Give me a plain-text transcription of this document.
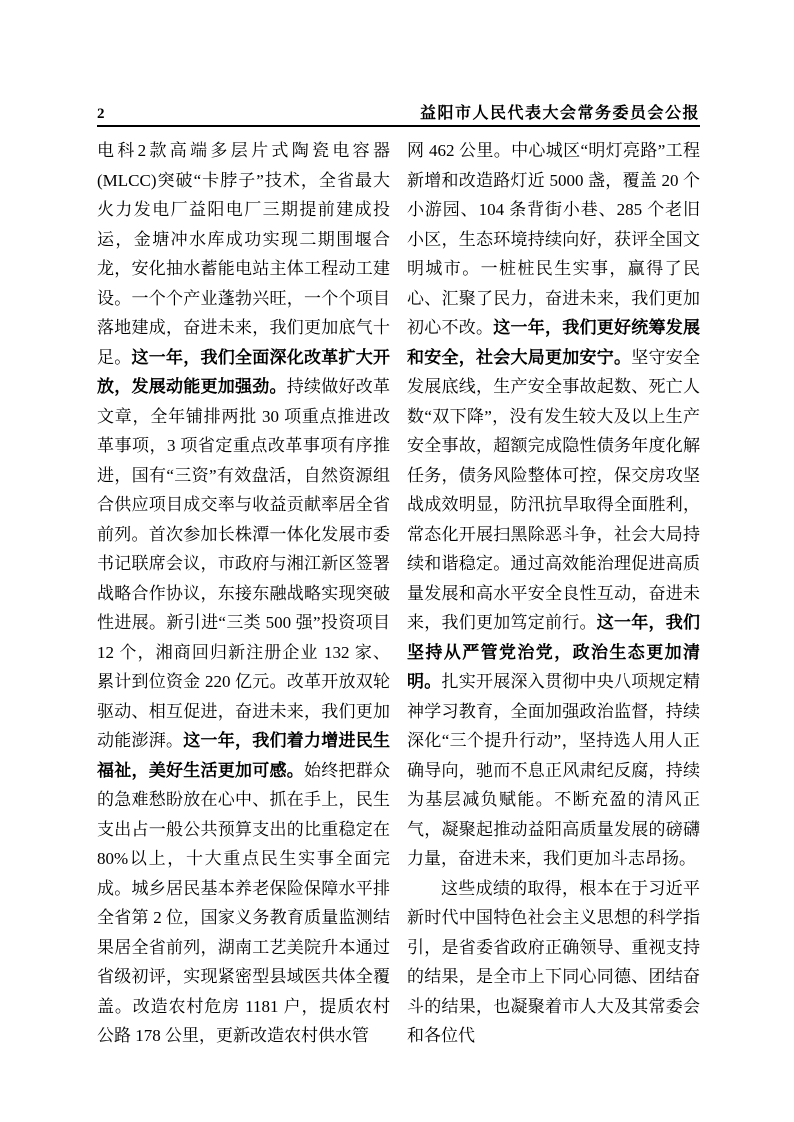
2	益阳市人民代表大会常务委员会公报

电科2款高端多层片式陶瓷电容器(MLCC)突破“卡脖子”技术，全省最大火力发电厂益阳电厂三期提前建成投运，金塘冲水库成功实现二期围堰合龙，安化抽水蓄能电站主体工程动工建设。一个个产业蓬勃兴旺，一个个项目落地建成，奋进未来，我们更加底气十足。这一年，我们全面深化改革扩大开放，发展动能更加强劲。持续做好改革文章，全年铺排两批 30 项重点推进改革事项，3 项省定重点改革事项有序推进，国有“三资”有效盘活，自然资源组合供应项目成交率与收益贡献率居全省前列。首次参加长株潭一体化发展市委书记联席会议，市政府与湘江新区签署战略合作协议，东接东融战略实现突破性进展。新引进“三类 500 强”投资项目 12 个，湘商回归新注册企业 132 家、累计到位资金 220 亿元。改革开放双轮驱动、相互促进，奋进未来，我们更加动能澎湃。这一年，我们着力增进民生福祉，美好生活更加可感。始终把群众的急难愁盼放在心中、抓在手上，民生支出占一般公共预算支出的比重稳定在 80%以上，十大重点民生实事全面完成。城乡居民基本养老保险保障水平排全省第 2 位，国家义务教育质量监测结果居全省前列，湖南工艺美院升本通过省级初评，实现紧密型县域医共体全覆盖。改造农村危房 1181 户，提质农村公路 178 公里，更新改造农村供水管

网 462 公里。中心城区“明灯亮路”工程新增和改造路灯近 5000 盏，覆盖 20 个小游园、104 条背街小巷、285 个老旧小区，生态环境持续向好，获评全国文明城市。一桩桩民生实事，赢得了民心、汇聚了民力，奋进未来，我们更加初心不改。这一年，我们更好统筹发展和安全，社会大局更加安宁。坚守安全发展底线，生产安全事故起数、死亡人数“双下降”，没有发生较大及以上生产安全事故，超额完成隐性债务年度化解任务，债务风险整体可控，保交房攻坚战成效明显，防汛抗旱取得全面胜利，常态化开展扫黑除恶斗争，社会大局持续和谐稳定。通过高效能治理促进高质量发展和高水平安全良性互动，奋进未来，我们更加笃定前行。这一年，我们坚持从严管党治党，政治生态更加清明。扎实开展深入贯彻中央八项规定精神学习教育，全面加强政治监督，持续深化“三个提升行动”，坚持选人用人正确导向，驰而不息正风肃纪反腐，持续为基层减负赋能。不断充盈的清风正气，凝聚起推动益阳高质量发展的磅礴力量，奋进未来，我们更加斗志昂扬。

这些成绩的取得，根本在于习近平新时代中国特色社会主义思想的科学指引，是省委省政府正确领导、重视支持的结果，是全市上下同心同德、团结奋斗的结果，也凝聚着市人大及其常委会和各位代
